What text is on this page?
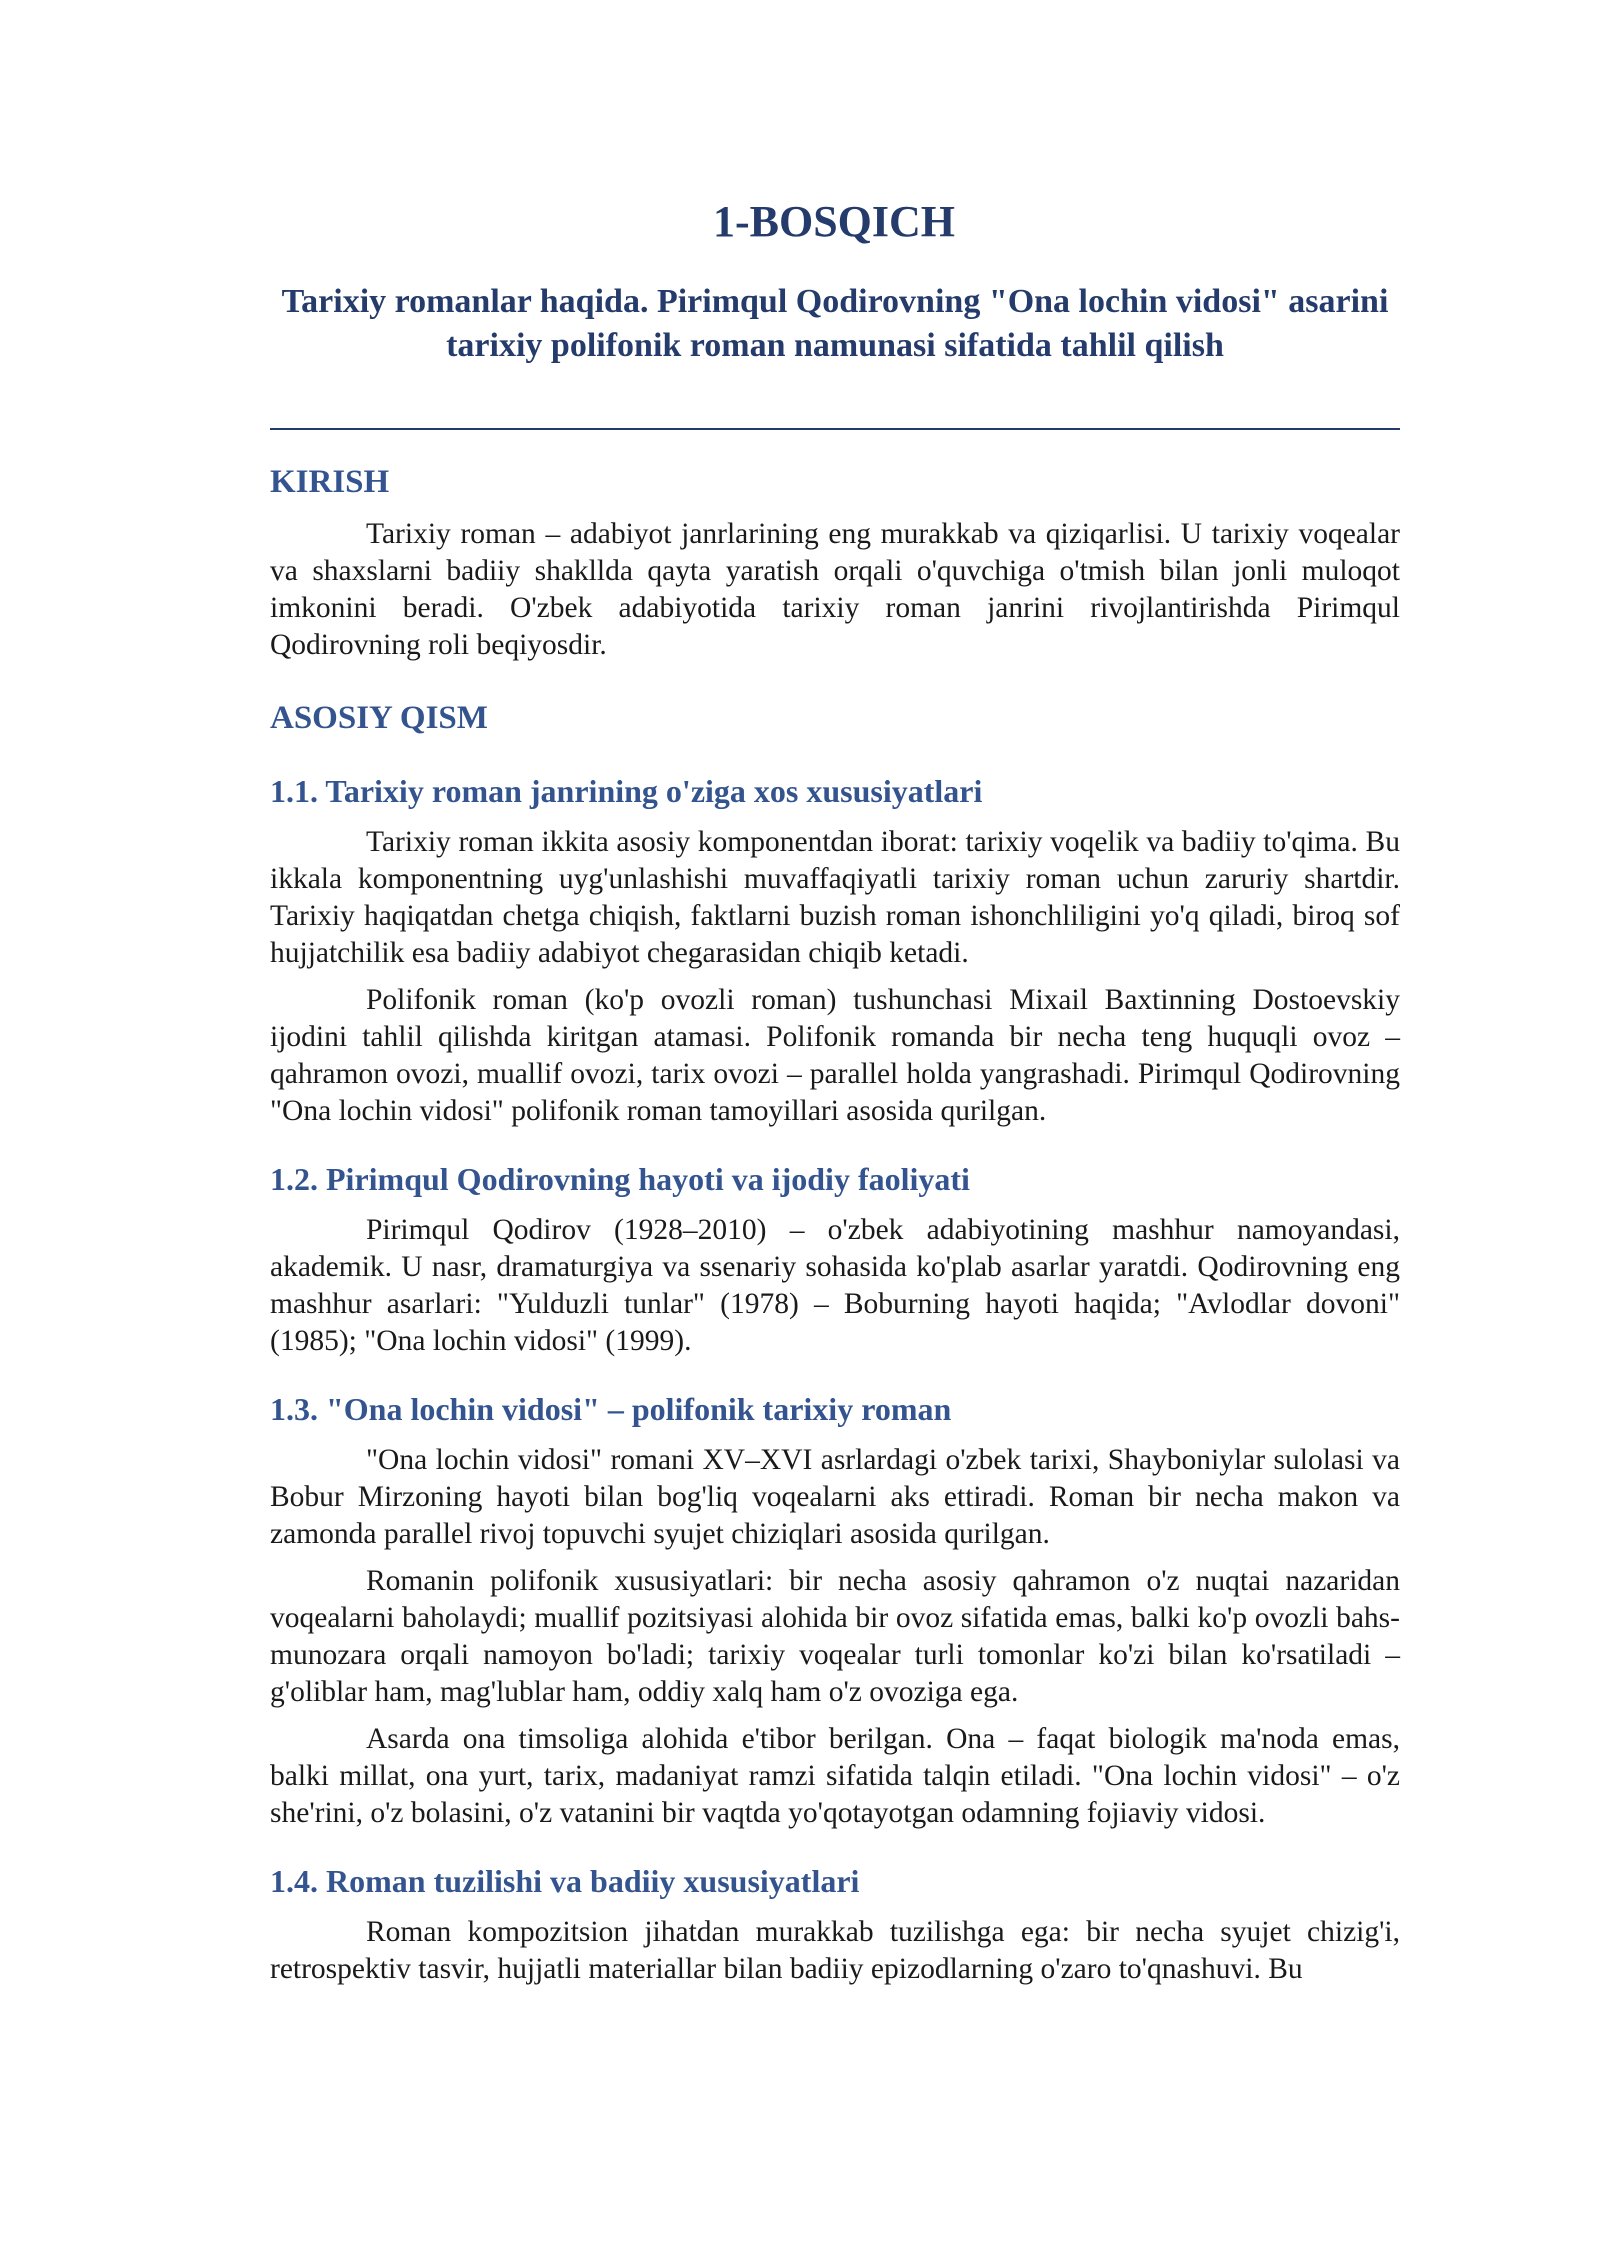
1-BOSQICH
Tarixiy romanlar haqida. Pirimqul Qodirovning "Ona lochin vidosi" asarini tarixiy polifonik roman namunasi sifatida tahlil qilish
KIRISH

Tarixiy roman – adabiyot janrlarining eng murakkab va qiziqarlisi. U tarixiy voqealar va shaxslarni badiiy shakllda qayta yaratish orqali o'quvchiga o'tmish bilan jonli muloqot imkonini beradi. O'zbek adabiyotida tarixiy roman janrini rivojlantirishda Pirimqul Qodirovning roli beqiyosdir.

ASOSIY QISM
1.1. Tarixiy roman janrining o'ziga xos xususiyatlari

Tarixiy roman ikkita asosiy komponentdan iborat: tarixiy voqelik va badiiy to'qima. Bu ikkala komponentning uyg'unlashishi muvaffaqiyatli tarixiy roman uchun zaruriy shartdir. Tarixiy haqiqatdan chetga chiqish, faktlarni buzish roman ishonchliligini yo'q qiladi, biroq sof hujjatchilik esa badiiy adabiyot chegarasidan chiqib ketadi.

Polifonik roman (ko'p ovozli roman) tushunchasi Mixail Baxtinning Dostoevskiy ijodini tahlil qilishda kiritgan atamasi. Polifonik romanda bir necha teng huquqli ovoz – qahramon ovozi, muallif ovozi, tarix ovozi – parallel holda yangrashadi. Pirimqul Qodirovning "Ona lochin vidosi" polifonik roman tamoyillari asosida qurilgan.

1.2. Pirimqul Qodirovning hayoti va ijodiy faoliyati

Pirimqul Qodirov (1928–2010) – o'zbek adabiyotining mashhur namoyandasi, akademik. U nasr, dramaturgiya va ssenariy sohasida ko'plab asarlar yaratdi. Qodirovning eng mashhur asarlari: "Yulduzli tunlar" (1978) – Boburning hayoti haqida; "Avlodlar dovoni" (1985); "Ona lochin vidosi" (1999).

1.3. "Ona lochin vidosi" – polifonik tarixiy roman

"Ona lochin vidosi" romani XV–XVI asrlardagi o'zbek tarixi, Shayboniylar sulolasi va Bobur Mirzoning hayoti bilan bog'liq voqealarni aks ettiradi. Roman bir necha makon va zamonda parallel rivoj topuvchi syujet chiziqlari asosida qurilgan.

Romanin polifonik xususiyatlari: bir necha asosiy qahramon o'z nuqtai nazaridan voqealarni baholaydi; muallif pozitsiyasi alohida bir ovoz sifatida emas, balki ko'p ovozli bahs-munozara orqali namoyon bo'ladi; tarixiy voqealar turli tomonlar ko'zi bilan ko'rsatiladi – g'oliblar ham, mag'lublar ham, oddiy xalq ham o'z ovoziga ega.

Asarda ona timsoliga alohida e'tibor berilgan. Ona – faqat biologik ma'noda emas, balki millat, ona yurt, tarix, madaniyat ramzi sifatida talqin etiladi. "Ona lochin vidosi" – o'z she'rini, o'z bolasini, o'z vatanini bir vaqtda yo'qotayotgan odamning fojiaviy vidosi.

1.4. Roman tuzilishi va badiiy xususiyatlari

Roman kompozitsion jihatdan murakkab tuzilishga ega: bir necha syujet chizig'i, retrospektiv tasvir, hujjatli materiallar bilan badiiy epizodlarning o'zaro to'qnashuvi. Bu
